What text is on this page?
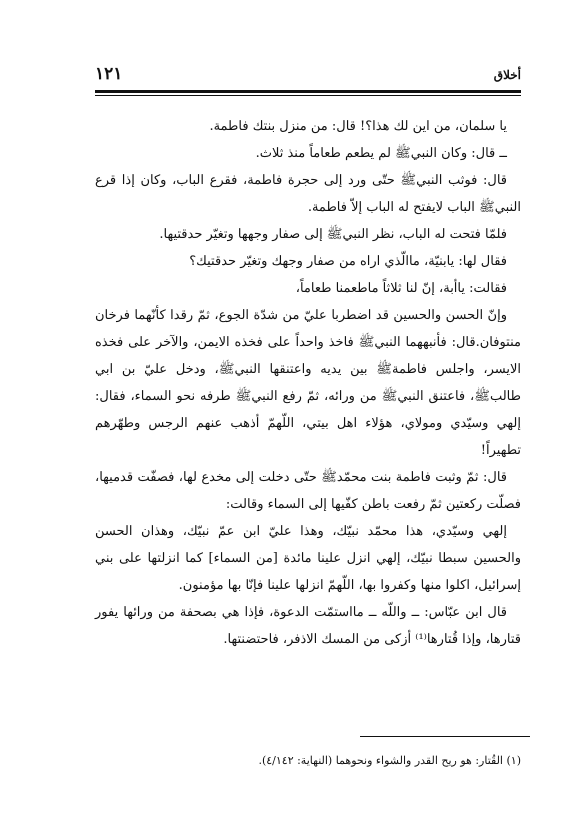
١٢١	أخلاق

يا سلمان، من اين لك هذا؟! قال: من منزل بنتك فاطمة.

ــ قال: وكان النبيﷺ لم يطعم طعاماً منذ ثلاث.

قال: فوثب النبيﷺ حتّى ورد إلى حجرة فاطمة، فقرع الباب، وكان إذا قرع النبيﷺ الباب لايفتح له الباب إلاّ فاطمة.

فلمّا فتحت له الباب، نظر النبيﷺ إلى صفار وجهها وتغيّر حدقتيها.

فقال لها: يابنيّة، ماالّذي اراه من صفار وجهك وتغيّر حدقتيك؟

فقالت: ياأبة، إنّ لنا ثلاثاً ماطعمنا طعاماً،

وإنّ الحسن والحسين قد اضطربا عليّ من شدّة الجوع، ثمّ رقدا كأنّهما فرخان منتوفان.قال: فأنبههما النبيﷺ فاخذ واحداً على فخذه الايمن، والآخر على فخذه الايسر، واجلس فاطمةﷺ بين يديه واعتنقها النبيﷺ، ودخل عليّ بن ابي طالبﷺ، فاعتنق النبيﷺ من ورائه، ثمّ رفع النبيﷺ طرفه نحو السماء، فقال: إلهي وسيّدي ومولاي، هؤلاء اهل بيتي، اللّهمّ أذهب عنهم الرجس وطهّرهم تطهيراً!

قال: ثمّ وثبت فاطمة بنت محمّدﷺ حتّى دخلت إلى مخدع لها، فصفّت قدميها، فصلّت ركعتين ثمّ رفعت باطن كفّيها إلى السماء وقالت:

إلهي وسيّدي، هذا محمّد نبيّك، وهذا عليّ ابن عمّ نبيّك، وهذان الحسن والحسين سبطا نبيّك، إلهي انزل علينا مائدة [من السماء] كما انزلتها على بني إسرائيل، اكلوا منها وكفروا بها، اللّهمّ انزلها علينا فإنّا بها مؤمنون.

قال ابن عبّاس: ــ واللّه ــ مااستمّت الدعوة، فإذا هي بصحفة من ورائها يفور قتارها، وإذا قُتارها⁽¹⁾ أزكى من المسك الاذفر، فاحتضنتها.

(١) القُتار: هو ريح القدر والشواء ونحوهما (النهاية: ٤/١٤٢).
